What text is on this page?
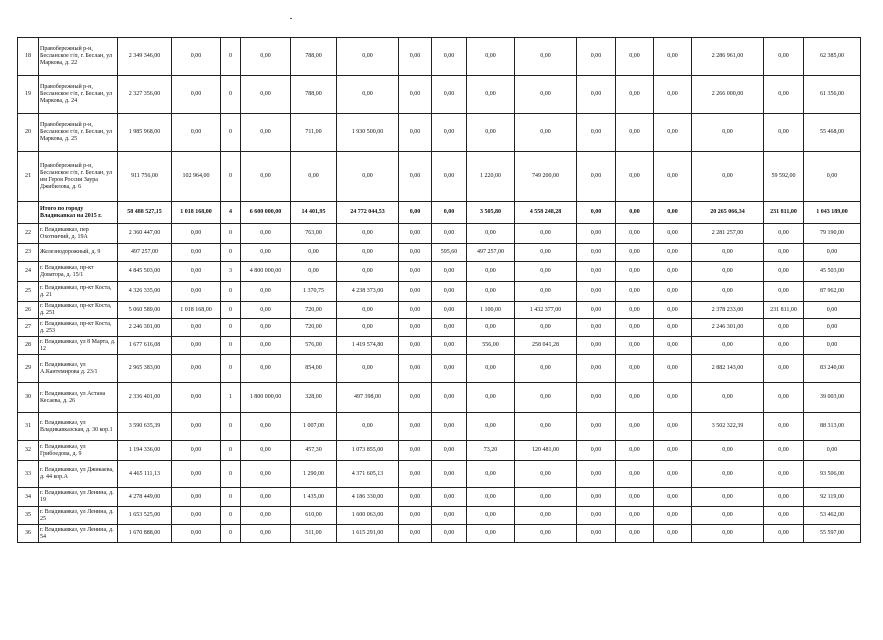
18	Правобережный р-н, Бесланское г/п, г. Беслан, ул Маркова, д. 22	2 349 346,00	0,00	0	0,00	788,00	0,00	0,00	0,00	0,00	0,00	0,00	0,00	0,00	2 286 961,00	0,00	62 385,00
19	Правобережный р-н, Бесланское г/п, г. Беслан, ул Маркова, д. 24	2 327 356,00	0,00	0	0,00	788,00	0,00	0,00	0,00	0,00	0,00	0,00	0,00	0,00	2 266 000,00	0,00	61 356,00
20	Правобережный р-н, Бесланское г/п, г. Беслан, ул Маркова, д. 25	1 985 968,00	0,00	0	0,00	711,00	1 930 500,00	0,00	0,00	0,00	0,00	0,00	0,00	0,00	0,00	0,00	55 468,00
21	Правобережный р-н, Бесланское г/п, г. Беслан, ул им Героя России Заура Джибилова, д. 6	911 756,00	102 964,00	0	0,00	0,00	0,00	0,00	0,00	1 220,00	749 200,00	0,00	0,00	0,00	0,00	59 592,00	0,00
	Итого по городу Владикавказ на 2015 г.	58 488 527,15	1 018 168,00	4	6 600 000,00	14 401,95	24 772 044,53	0,00	0,00	3 505,80	4 558 248,28	0,00	0,00	0,00	20 265 066,34	231 811,00	1 043 189,00
22	г. Владикавказ, пер Охотничий, д. 19А	2 360 447,00	0,00	0	0,00	763,00	0,00	0,00	0,00	0,00	0,00	0,00	0,00	0,00	2 281 257,00	0,00	79 190,00
23	Железнодорожный, д. 9	497 257,00	0,00	0	0,00	0,00	0,00	0,00	595,60	497 257,00	0,00	0,00	0,00	0,00	0,00	0,00	0,00
24	г. Владикавказ, пр-кт Доватора, д. 15/1	4 845 503,00	0,00	3	4 800 000,00	0,00	0,00	0,00	0,00	0,00	0,00	0,00	0,00	0,00	0,00	0,00	45 503,00
25	г. Владикавказ, пр-кт Коста, д. 21	4 326 335,00	0,00	0	0,00	1 370,75	4 238 373,00	0,00	0,00	0,00	0,00	0,00	0,00	0,00	0,00	0,00	87 962,00
26	г. Владикавказ, пр-кт Коста, д. 251	5 060 589,00	1 018 168,00	0	0,00	720,00	0,00	0,00	0,00	1 100,00	1 432 377,00	0,00	0,00	0,00	2 378 233,00	231 811,00	0,00
27	г. Владикавказ, пр-кт Коста, д. 253	2 246 301,00	0,00	0	0,00	720,00	0,00	0,00	0,00	0,00	0,00	0,00	0,00	0,00	2 246 301,00	0,00	0,00
28	г. Владикавказ, ул 8 Марта, д. 12	1 677 616,08	0,00	0	0,00	576,00	1 419 574,80	0,00	0,00	556,00	258 041,28	0,00	0,00	0,00	0,00	0,00	0,00
29	г. Владикавказ, ул А.Кантемирова д. 23/1	2 965 383,00	0,00	0	0,00	854,00	0,00	0,00	0,00	0,00	0,00	0,00	0,00	0,00	2 882 143,00	0,00	83 240,00
30	г. Владикавказ, ул Астана Кесаева, д. 26	2 336 401,00	0,00	1	1 800 000,00	328,00	497 398,00	0,00	0,00	0,00	0,00	0,00	0,00	0,00	0,00	0,00	39 003,00
31	г. Владикавказ, ул Владикавказская, д. 30 кор.1	3 590 635,39	0,00	0	0,00	1 007,00	0,00	0,00	0,00	0,00	0,00	0,00	0,00	0,00	3 502 322,39	0,00	88 313,00
32	г. Владикавказ, ул Грибоедова, д. 9	1 194 336,00	0,00	0	0,00	457,30	1 073 855,00	0,00	0,00	73,20	120 481,00	0,00	0,00	0,00	0,00	0,00	0,00
33	г. Владикавказ, ул Джикаева, д. 44 кор.А	4 465 111,13	0,00	0	0,00	1 290,00	4 371 605,13	0,00	0,00	0,00	0,00	0,00	0,00	0,00	0,00	0,00	93 506,00
34	г. Владикавказ, ул Ленина, д. 19	4 278 449,00	0,00	0	0,00	1 435,00	4 186 330,00	0,00	0,00	0,00	0,00	0,00	0,00	0,00	0,00	0,00	92 119,00
35	г. Владикавказ, ул Ленина, д. 25	1 653 525,00	0,00	0	0,00	610,00	1 600 063,00	0,00	0,00	0,00	0,00	0,00	0,00	0,00	0,00	0,00	53 462,00
36	г. Владикавказ, ул Ленина, д. 54	1 670 888,00	0,00	0	0,00	511,00	1 615 291,00	0,00	0,00	0,00	0,00	0,00	0,00	0,00	0,00	0,00	55 597,00
